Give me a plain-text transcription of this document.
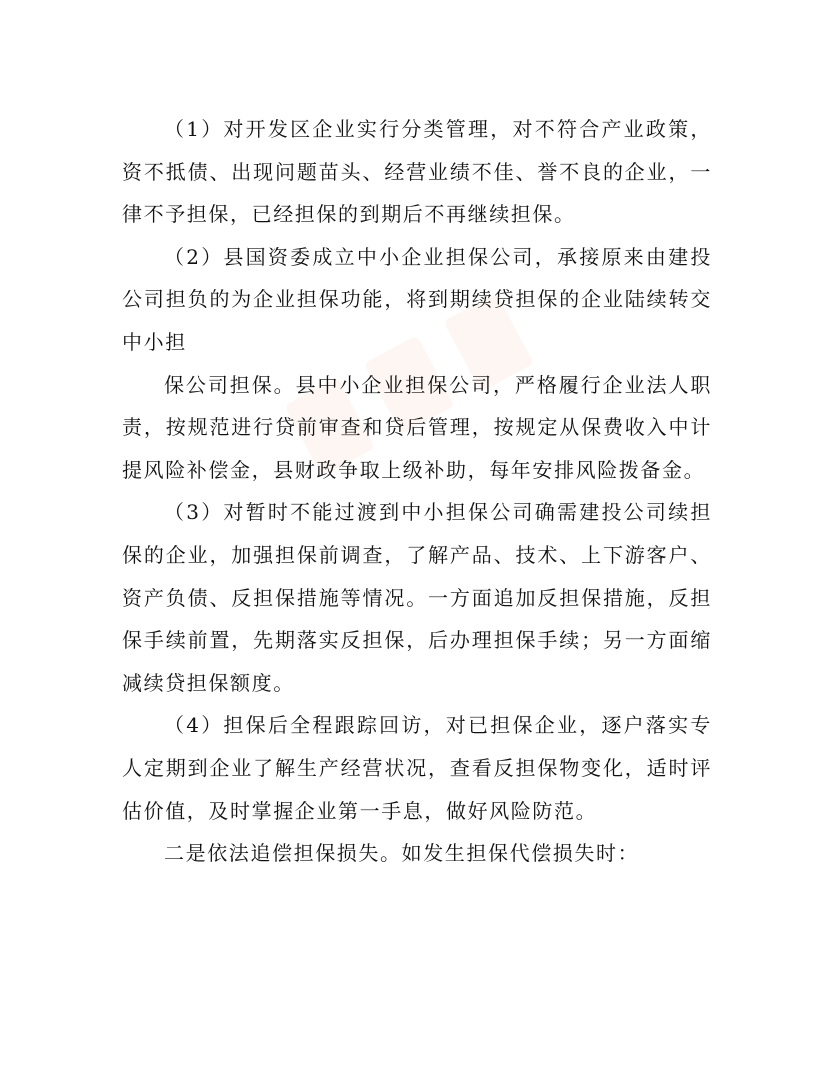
（1）对开发区企业实行分类管理，对不符合产业政策，
资不抵债、出现问题苗头、经营业绩不佳、誉不良的企业，一
律不予担保，已经担保的到期后不再继续担保。
（2）县国资委成立中小企业担保公司，承接原来由建投
公司担负的为企业担保功能，将到期续贷担保的企业陆续转交
中小担
保公司担保。县中小企业担保公司，严格履行企业法人职
责，按规范进行贷前审查和贷后管理，按规定从保费收入中计
提风险补偿金，县财政争取上级补助，每年安排风险拨备金。
（3）对暂时不能过渡到中小担保公司确需建投公司续担
保的企业，加强担保前调查，了解产品、技术、上下游客户、
资产负债、反担保措施等情况。一方面追加反担保措施，反担
保手续前置，先期落实反担保，后办理担保手续；另一方面缩
减续贷担保额度。
（4）担保后全程跟踪回访，对已担保企业，逐户落实专
人定期到企业了解生产经营状况，查看反担保物变化，适时评
估价值，及时掌握企业第一手息，做好风险防范。
二是依法追偿担保损失。如发生担保代偿损失时：
